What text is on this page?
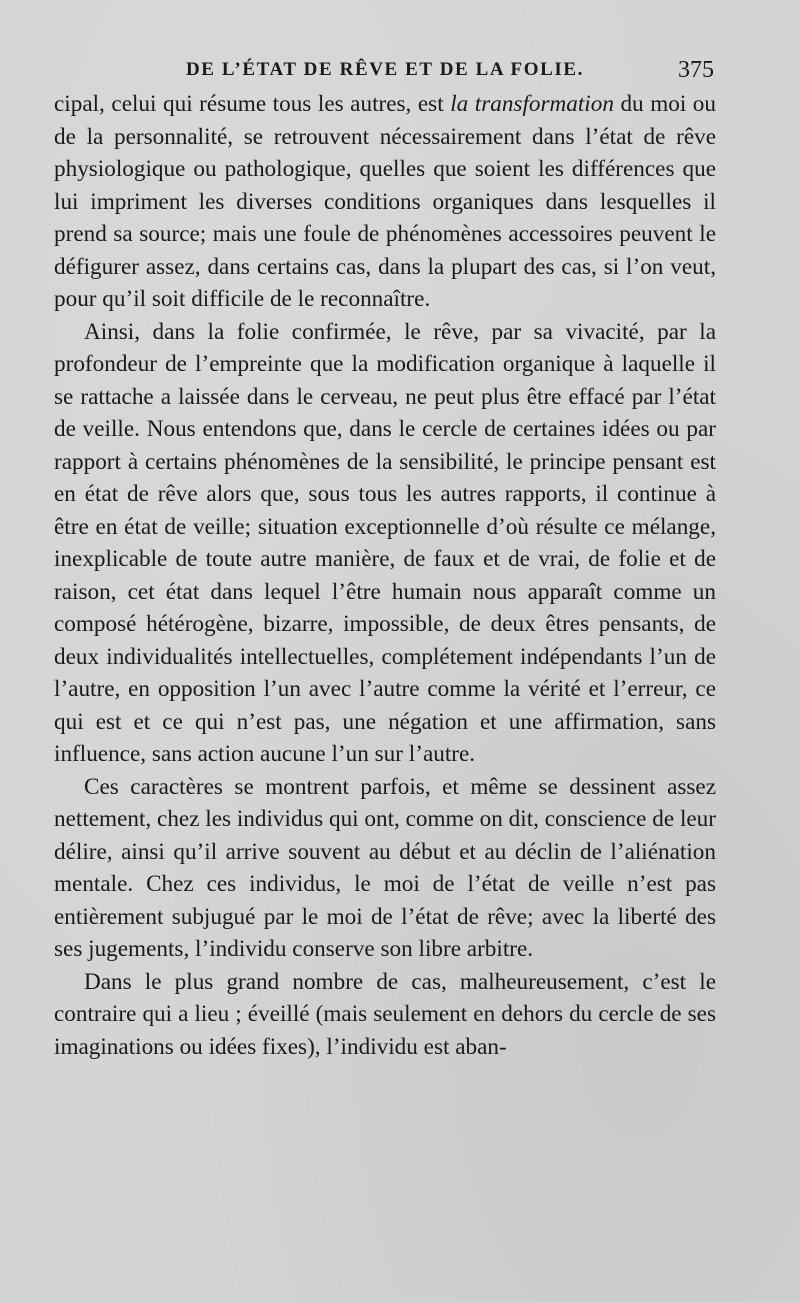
DE L’ÉTAT DE RÊVE ET DE LA FOLIE.	375

cipal, celui qui résume tous les autres, est la transformation du moi ou de la personnalité, se retrouvent nécessairement dans l’état de rêve physiologique ou pathologique, quelles que soient les différences que lui impriment les diverses conditions organiques dans lesquelles il prend sa source; mais une foule de phénomènes accessoires peuvent le défigurer assez, dans certains cas, dans la plupart des cas, si l’on veut, pour qu’il soit difficile de le reconnaître.

Ainsi, dans la folie confirmée, le rêve, par sa vivacité, par la profondeur de l’empreinte que la modification organique à laquelle il se rattache a laissée dans le cerveau, ne peut plus être effacé par l’état de veille. Nous entendons que, dans le cercle de certaines idées ou par rapport à certains phénomènes de la sensibilité, le principe pensant est en état de rêve alors que, sous tous les autres rapports, il continue à être en état de veille; situation exceptionnelle d’où résulte ce mélange, inexplicable de toute autre manière, de faux et de vrai, de folie et de raison, cet état dans lequel l’être humain nous apparaît comme un composé hétérogène, bizarre, impossible, de deux êtres pensants, de deux individualités intellectuelles, complétement indépendants l’un de l’autre, en opposition l’un avec l’autre comme la vérité et l’erreur, ce qui est et ce qui n’est pas, une négation et une affirmation, sans influence, sans action aucune l’un sur l’autre.

Ces caractères se montrent parfois, et même se dessinent assez nettement, chez les individus qui ont, comme on dit, conscience de leur délire, ainsi qu’il arrive souvent au début et au déclin de l’aliénation mentale. Chez ces individus, le moi de l’état de veille n’est pas entièrement subjugué par le moi de l’état de rêve; avec la liberté des ses jugements, l’individu conserve son libre arbitre.

Dans le plus grand nombre de cas, malheureusement, c’est le contraire qui a lieu ; éveillé (mais seulement en dehors du cercle de ses imaginations ou idées fixes), l’individu est aban-
